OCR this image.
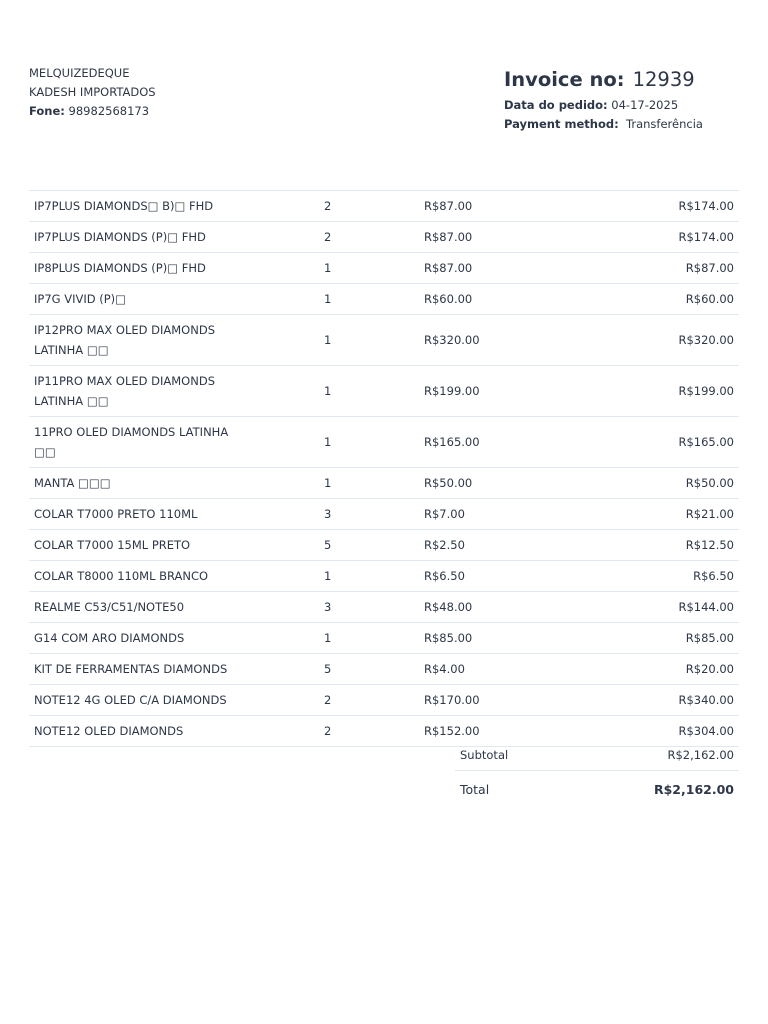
MELQUIZEDEQUE
KADESH IMPORTADOS
Fone: 98982568173
Invoice no: 12939
Data do pedido: 04-17-2025
Payment method: Transferência
IP7PLUS DIAMONDS□ B)□ FHD	2	R$87.00	R$174.00
IP7PLUS DIAMONDS (P)□ FHD	2	R$87.00	R$174.00
IP8PLUS DIAMONDS (P)□ FHD	1	R$87.00	R$87.00
IP7G VIVID (P)□	1	R$60.00	R$60.00
IP12PRO MAX OLED DIAMONDS LATINHA □□	1	R$320.00	R$320.00
IP11PRO MAX OLED DIAMONDS LATINHA □□	1	R$199.00	R$199.00
11PRO OLED DIAMONDS LATINHA □□	1	R$165.00	R$165.00
MANTA □□□	1	R$50.00	R$50.00
COLAR T7000 PRETO 110ML	3	R$7.00	R$21.00
COLAR T7000 15ML PRETO	5	R$2.50	R$12.50
COLAR T8000 110ML BRANCO	1	R$6.50	R$6.50
REALME C53/C51/NOTE50	3	R$48.00	R$144.00
G14 COM ARO DIAMONDS	1	R$85.00	R$85.00
KIT DE FERRAMENTAS DIAMONDS	5	R$4.00	R$20.00
NOTE12 4G OLED C/A DIAMONDS	2	R$170.00	R$340.00
NOTE12 OLED DIAMONDS	2	R$152.00	R$304.00
Subtotal	R$2,162.00
Total	R$2,162.00
